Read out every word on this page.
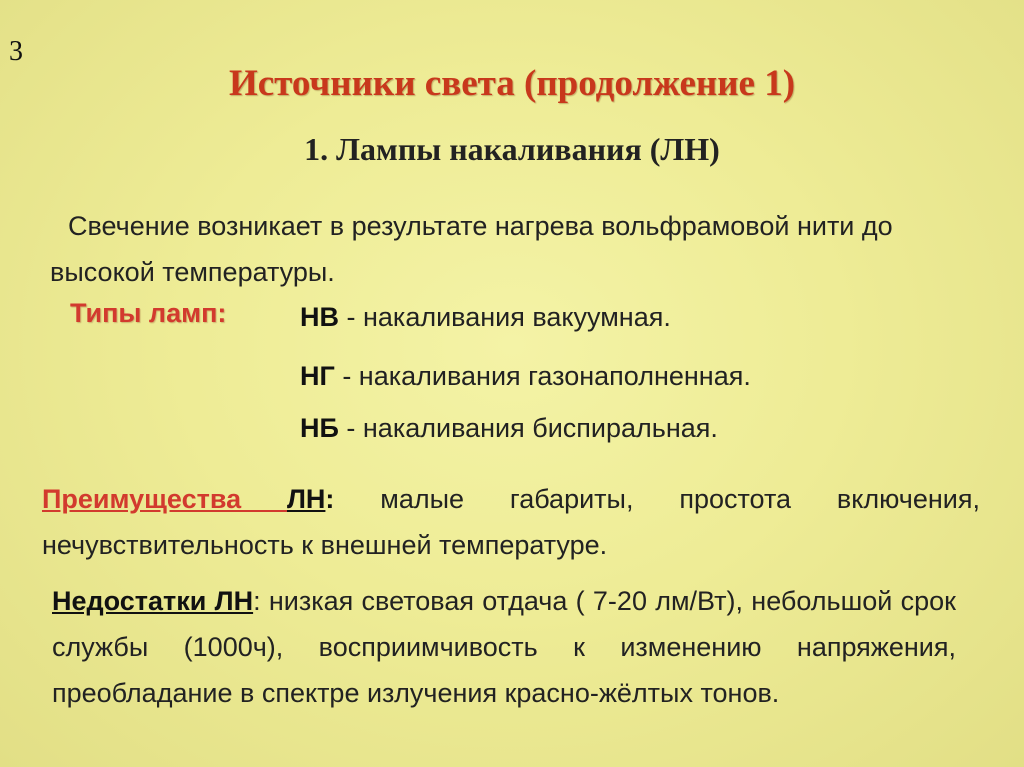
3
Источники света (продолжение 1)
1. Лампы накаливания (ЛН)
Свечение возникает в результате нагрева вольфрамовой нити до высокой температуры.
Типы ламп:	НВ - накаливания вакуумная.
НГ - накаливания газонаполненная.
НБ - накаливания биспиральная.
Преимущества ЛН: малые габариты, простота включения, нечувствительность к внешней температуре.
Недостатки ЛН: низкая световая отдача ( 7-20 лм/Вт), небольшой срок службы (1000ч), восприимчивость к изменению напряжения, преобладание в спектре излучения красно-жёлтых тонов.
